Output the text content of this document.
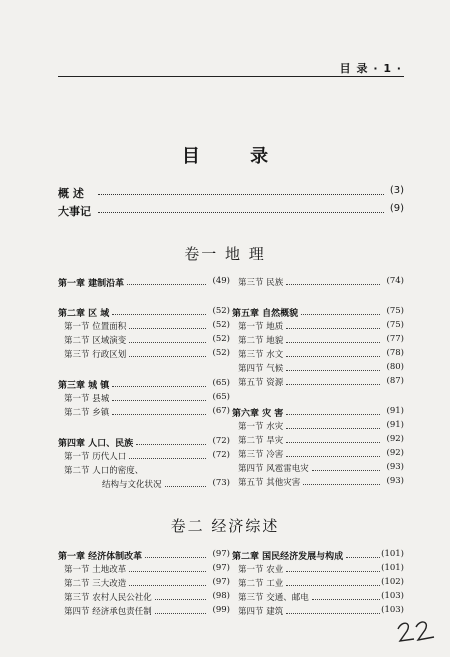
目 录 · 1 ·
目 录
概 述	(3)
大事记	(9)
卷一 地 理
卷二 经济综述
第一章 建制沿革	(49)
第二章 区 域	(52)
第一节 位置面积	(52)
第二节 区域演变	(52)
第三节 行政区划	(52)
第三章 城 镇	(65)
第一节 县城	(65)
第二节 乡镇	(67)
第四章 人口、民族	(72)
第一节 历代人口	(72)
第二节 人口的密度、
结构与文化状况	(73)
第三节 民族	(74)
第五章 自然概貌	(75)
第一节 地质	(75)
第二节 地貌	(77)
第三节 水文	(78)
第四节 气候	(80)
第五节 资源	(87)
第六章 灾 害	(91)
第一节 水灾	(91)
第二节 旱灾	(92)
第三节 冷害	(92)
第四节 风雹雷电灾	(93)
第五节 其他灾害	(93)
第一章 经济体制改革	(97)
第一节 土地改革	(97)
第二节 三大改造	(97)
第三节 农村人民公社化	(98)
第四节 经济承包责任制	(99)
第二章 国民经济发展与构成	(101)
第一节 农业	(101)
第二节 工业	(102)
第三节 交通、邮电	(103)
第四节 建筑	(103)
